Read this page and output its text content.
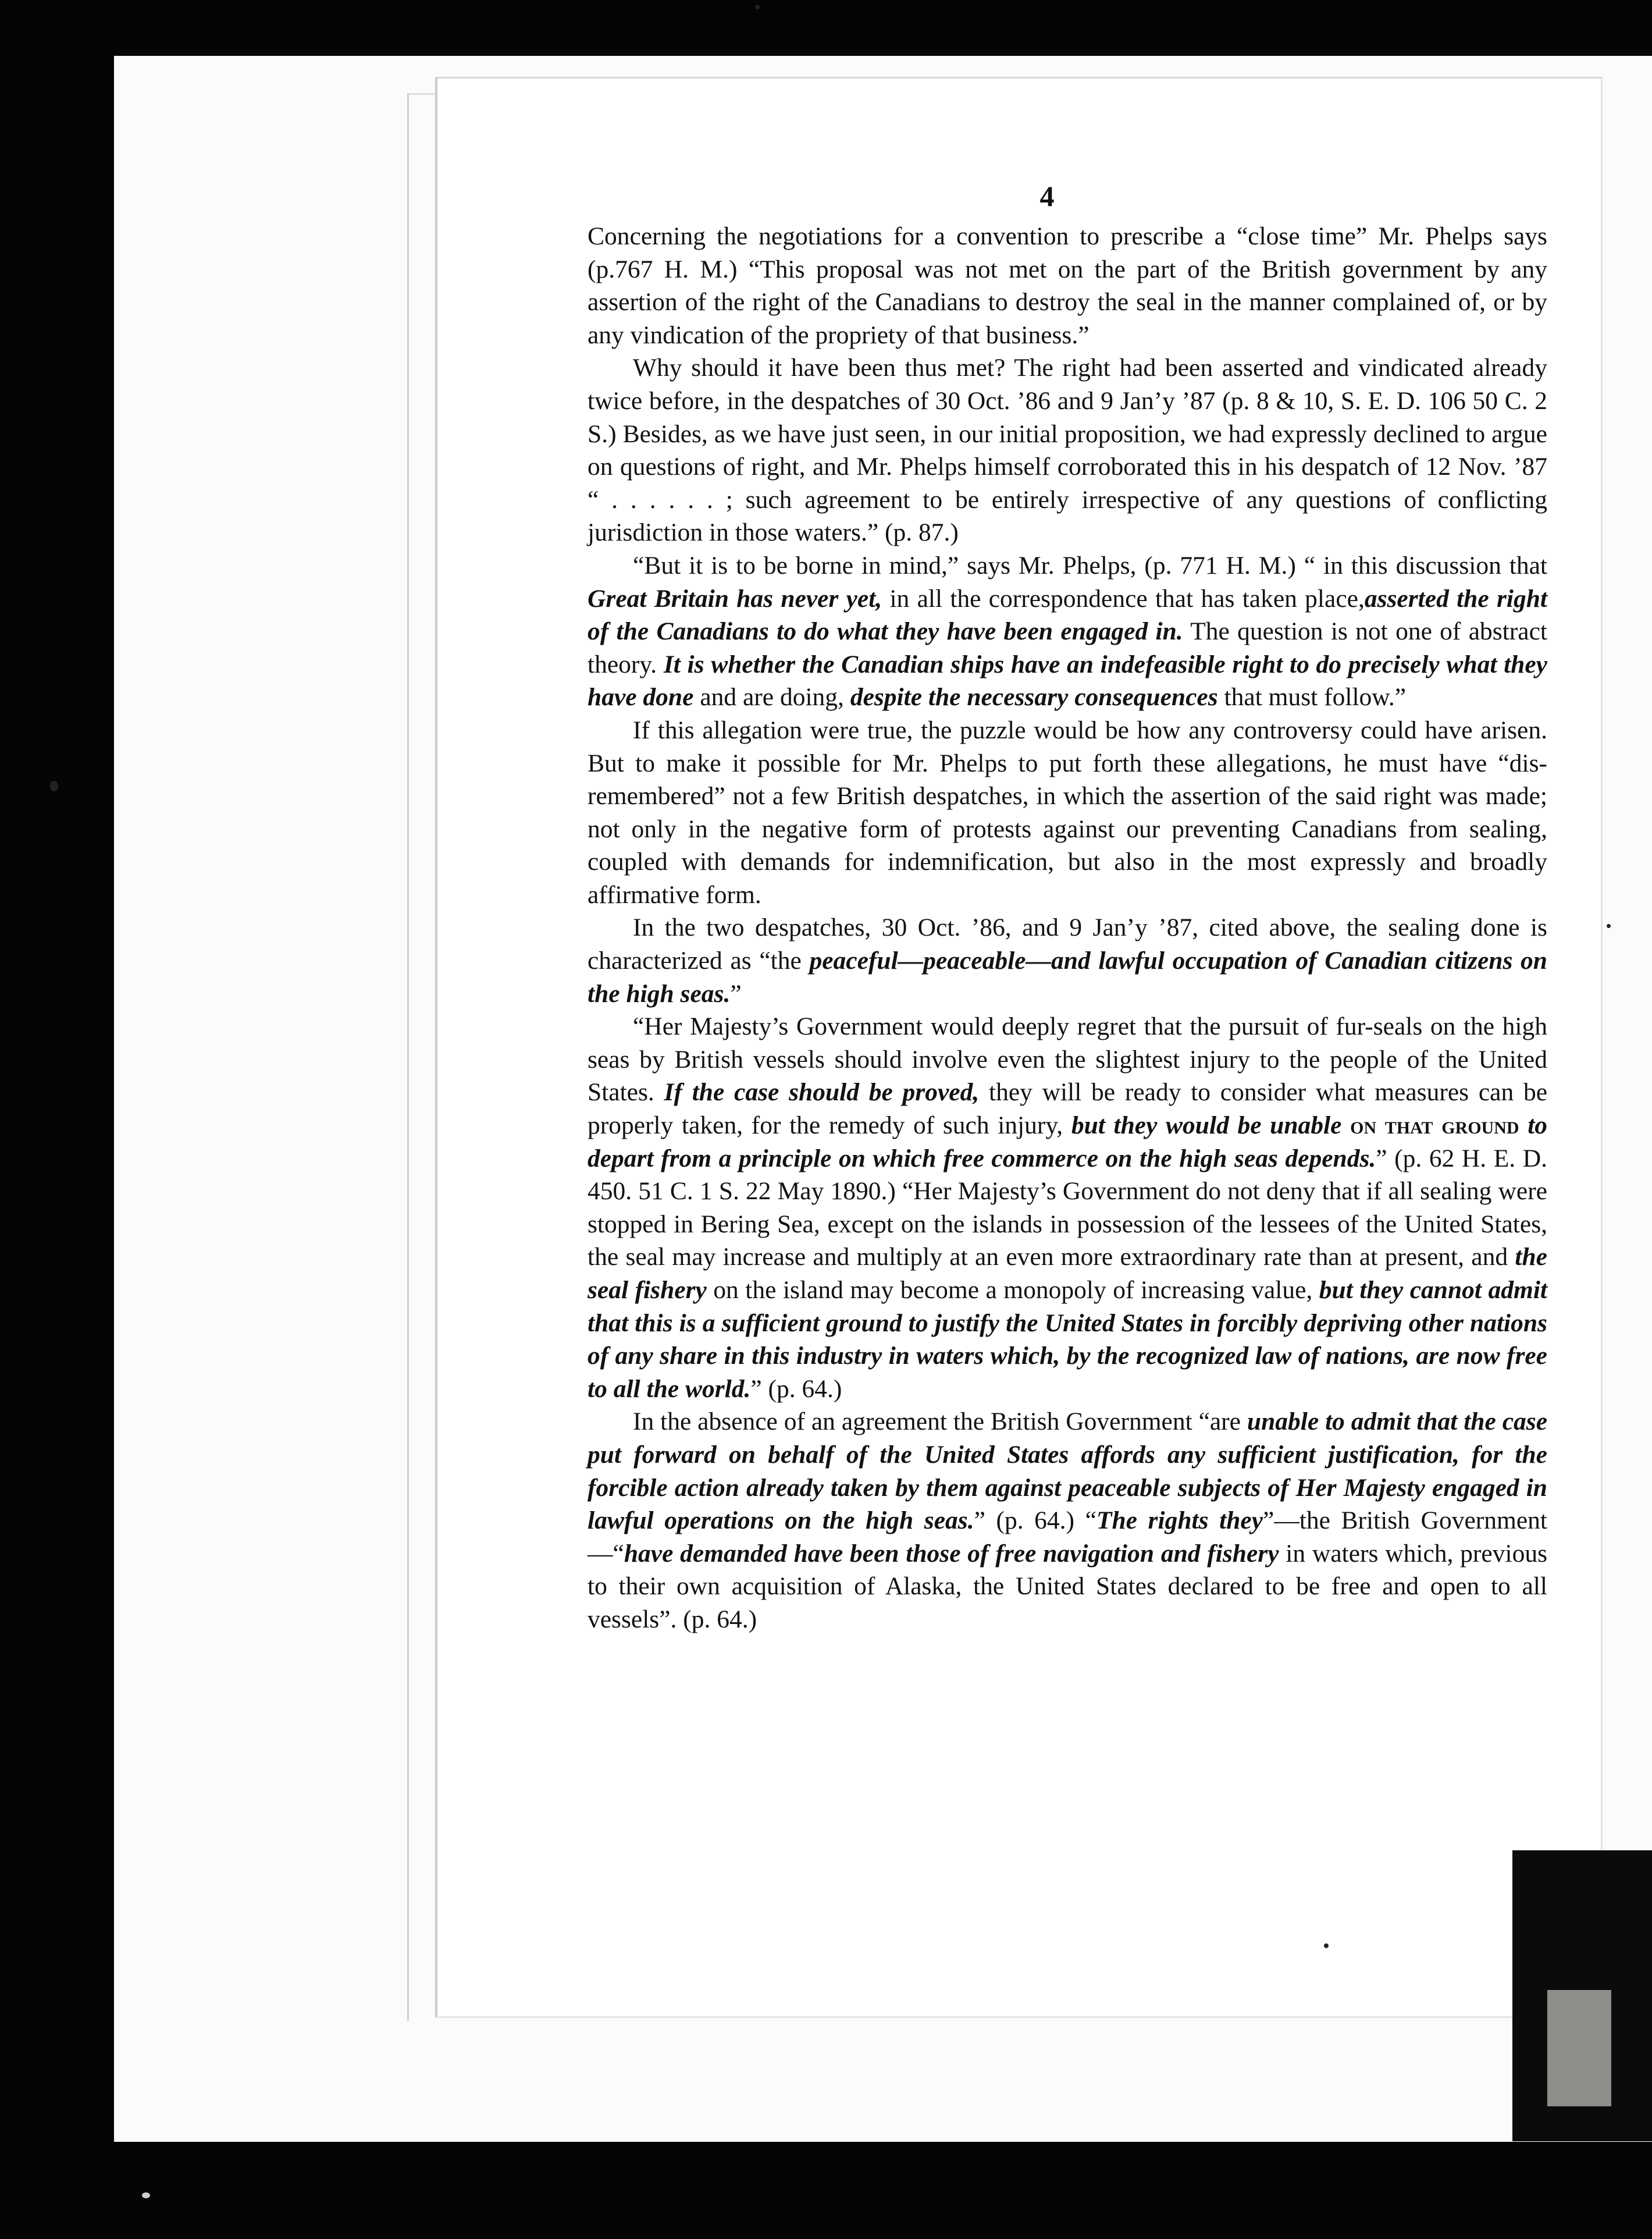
4

Concerning the negotiations for a convention to prescribe a “close time” Mr. Phelps says (p.767 H. M.) “This proposal was not met on the part of the British government by any assertion of the right of the Canadians to destroy the seal in the manner complained of, or by any vindication of the propriety of that business.”

Why should it have been thus met? The right had been asserted and vindicated already twice before, in the despatches of 30 Oct. ’86 and 9 Jan’y ’87 (p. 8 & 10, S. E. D. 106 50 C. 2 S.) Besides, as we have just seen, in our initial proposition, we had expressly declined to argue on questions of right, and Mr. Phelps himself corroborated this in his despatch of 12 Nov. ’87 “ . . . . . . ; such agreement to be entirely irrespective of any questions of conflicting jurisdiction in those waters.” (p. 87.)

“But it is to be borne in mind,” says Mr. Phelps, (p. 771 H. M.) “ in this discussion that Great Britain has never yet, in all the correspondence that has taken place,asserted the right of the Canadians to do what they have been engaged in. The question is not one of abstract theory. It is whether the Canadian ships have an indefeasible right to do precisely what they have done and are doing, despite the necessary consequences that must follow.”

If this allegation were true, the puzzle would be how any controversy could have arisen. But to make it possible for Mr. Phelps to put forth these allegations, he must have “dis-remembered” not a few British despatches, in which the assertion of the said right was made; not only in the negative form of protests against our preventing Canadians from sealing, coupled with demands for indemnification, but also in the most expressly and broadly affirmative form.

In the two despatches, 30 Oct. ’86, and 9 Jan’y ’87, cited above, the sealing done is characterized as “the peaceful—peaceable—and lawful occupation of Canadian citizens on the high seas.”

“Her Majesty’s Government would deeply regret that the pursuit of fur-seals on the high seas by British vessels should involve even the slightest injury to the people of the United States. If the case should be proved, they will be ready to consider what measures can be properly taken, for the remedy of such injury, but they would be unable on that ground to depart from a principle on which free commerce on the high seas depends.” (p. 62 H. E. D. 450. 51 C. 1 S. 22 May 1890.) “Her Majesty’s Government do not deny that if all sealing were stopped in Bering Sea, except on the islands in possession of the lessees of the United States, the seal may increase and multiply at an even more extraordinary rate than at present, and the seal fishery on the island may become a monopoly of increasing value, but they cannot admit that this is a sufficient ground to justify the United States in forcibly depriving other nations of any share in this industry in waters which, by the recognized law of nations, are now free to all the world.” (p. 64.)

In the absence of an agreement the British Government “are unable to admit that the case put forward on behalf of the United States affords any sufficient justification, for the forcible action already taken by them against peaceable subjects of Her Majesty engaged in lawful operations on the high seas.” (p. 64.) “The rights they”—the British Government—“have demanded have been those of free navigation and fishery in waters which, previous to their own acquisition of Alaska, the United States declared to be free and open to all vessels”. (p. 64.)
